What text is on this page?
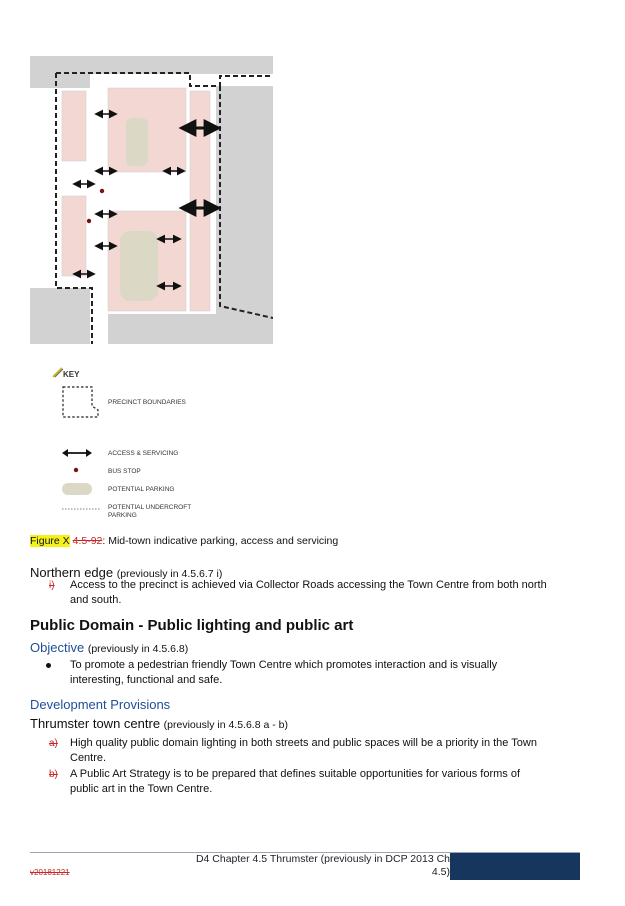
KEY
PRECINCT BOUNDARIES
ACCESS & SERVICING
BUS STOP
POTENTIAL PARKING
POTENTIAL UNDERCROFT
PARKING
Figure X 4.5-92: Mid-town indicative parking, access and servicing
Northern edge (previously in 4.5.6.7 i)
i) Access to the precinct is achieved via Collector Roads accessing the Town Centre from both north
and south.
Public Domain - Public lighting and public art
Objective (previously in 4.5.6.8)
To promote a pedestrian friendly Town Centre which promotes interaction and is visually
interesting, functional and safe.
Development Provisions
Thrumster town centre (previously in 4.5.6.8 a - b)
a) High quality public domain lighting in both streets and public spaces will be a priority in the Town
Centre.
b) A Public Art Strategy is to be prepared that defines suitable opportunities for various forms of
public art in the Town Centre.
D4 Chapter 4.5 Thrumster (previously in DCP 2013 Ch
4.5)
v20181221
